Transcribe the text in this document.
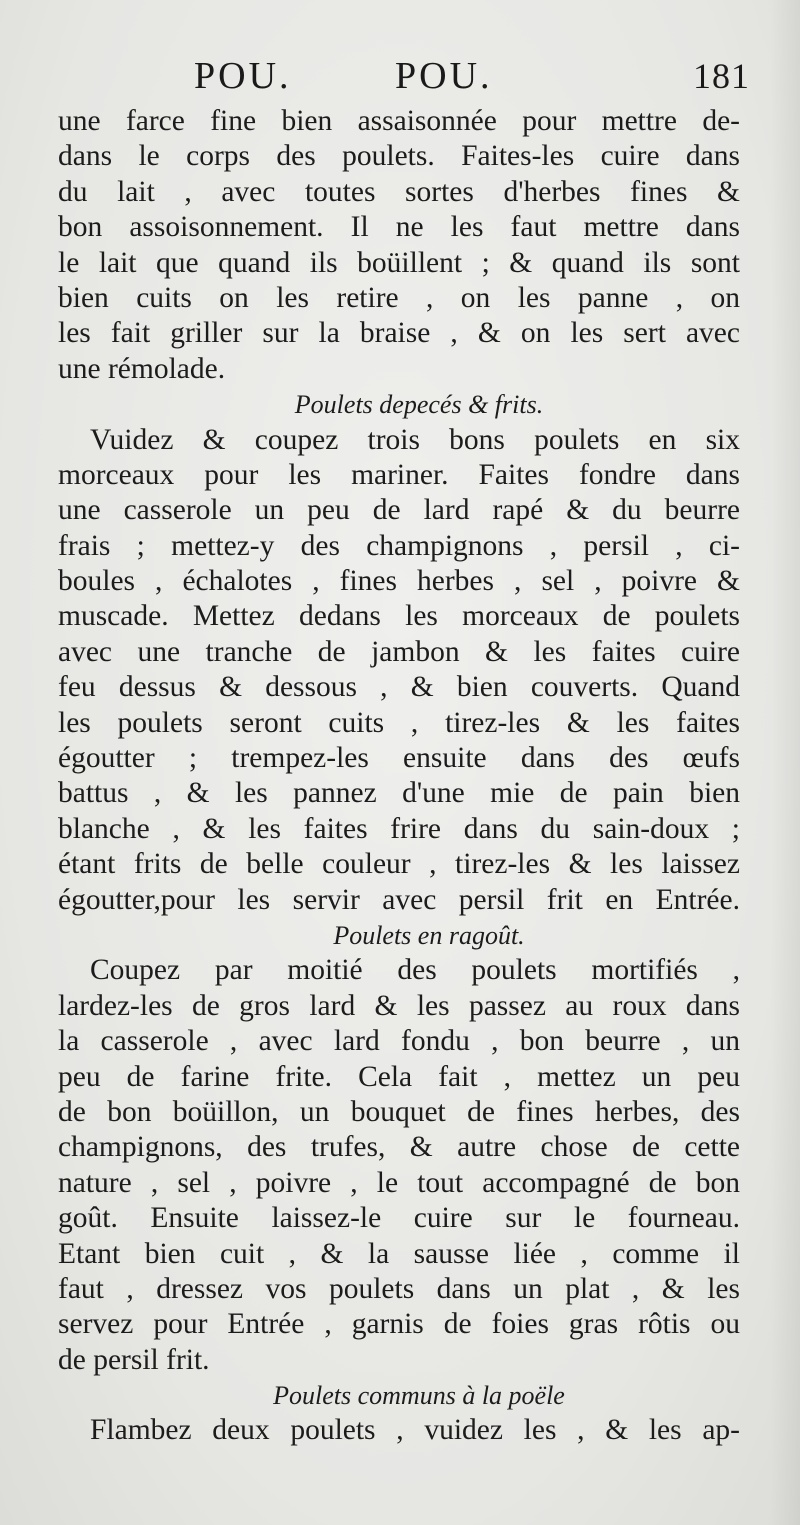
POU.	POU.	181
une farce fine bien assaisonnée pour mettre de-
dans le corps des poulets. Faites-les cuire dans
du lait , avec toutes sortes d'herbes fines &
bon assoisonnement. Il ne les faut mettre dans
le lait que quand ils boüillent ; & quand ils sont
bien cuits on les retire , on les panne , on
les fait griller sur la braise , & on les sert avec
une rémolade.
Poulets depecés & frits.
Vuidez & coupez trois bons poulets en six
morceaux pour les mariner. Faites fondre dans
une casserole un peu de lard rapé & du beurre
frais ; mettez-y des champignons , persil , ci-
boules , échalotes , fines herbes , sel , poivre &
muscade. Mettez dedans les morceaux de poulets
avec une tranche de jambon & les faites cuire
feu dessus & dessous , & bien couverts. Quand
les poulets seront cuits , tirez-les & les faites
égoutter ; trempez-les ensuite dans des œufs
battus , & les pannez d'une mie de pain bien
blanche , & les faites frire dans du sain-doux ;
étant frits de belle couleur , tirez-les & les laissez
égoutter,pour les servir avec persil frit en Entrée.
Poulets en ragoût.
Coupez par moitié des poulets mortifiés ,
lardez-les de gros lard & les passez au roux dans
la casserole , avec lard fondu , bon beurre , un
peu de farine frite. Cela fait , mettez un peu
de bon boüillon, un bouquet de fines herbes, des
champignons, des trufes, & autre chose de cette
nature , sel , poivre , le tout accompagné de bon
goût. Ensuite laissez-le cuire sur le fourneau.
Etant bien cuit , & la sausse liée , comme il
faut , dressez vos poulets dans un plat , & les
servez pour Entrée , garnis de foies gras rôtis ou
de persil frit.
Poulets communs à la poële
Flambez deux poulets , vuidez les , & les ap-
